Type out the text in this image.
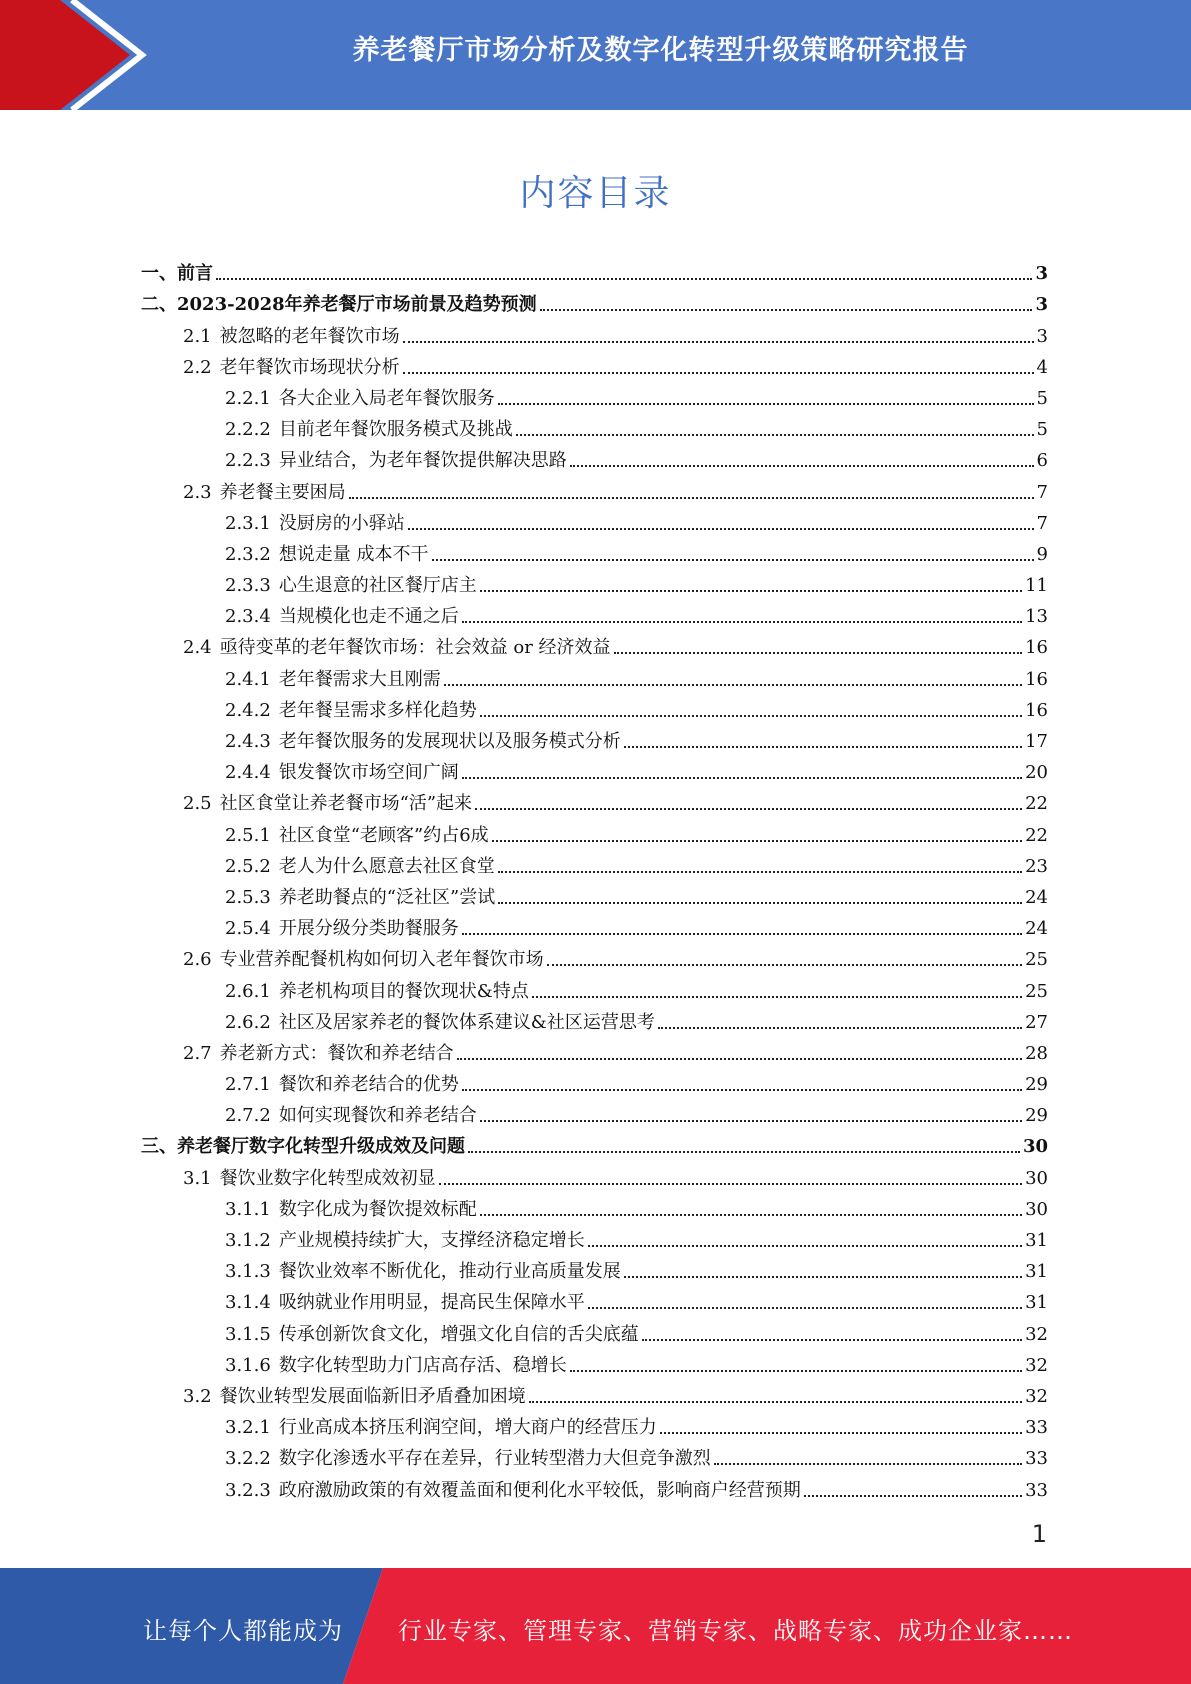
养老餐厅市场分析及数字化转型升级策略研究报告
内容目录
一、 前言	3
二、 2023-2028年养老餐厅市场前景及趋势预测	3
2.1 被忽略的老年餐饮市场	3
2.2 老年餐饮市场现状分析	4
2.2.1 各大企业入局老年餐饮服务	5
2.2.2 目前老年餐饮服务模式及挑战	5
2.2.3 异业结合，为老年餐饮提供解决思路	6
2.3 养老餐主要困局	7
2.3.1 没厨房的小驿站	7
2.3.2 想说走量 成本不干	9
2.3.3 心生退意的社区餐厅店主	11
2.3.4 当规模化也走不通之后	13
2.4 亟待变革的老年餐饮市场：社会效益 or 经济效益	16
2.4.1 老年餐需求大且刚需	16
2.4.2 老年餐呈需求多样化趋势	16
2.4.3 老年餐饮服务的发展现状以及服务模式分析	17
2.4.4 银发餐饮市场空间广阔	20
2.5 社区食堂让养老餐市场“活”起来	22
2.5.1 社区食堂“老顾客”约占6成	22
2.5.2 老人为什么愿意去社区食堂	23
2.5.3 养老助餐点的“泛社区”尝试	24
2.5.4 开展分级分类助餐服务	24
2.6 专业营养配餐机构如何切入老年餐饮市场	25
2.6.1 养老机构项目的餐饮现状&特点	25
2.6.2 社区及居家养老的餐饮体系建议&社区运营思考	27
2.7 养老新方式：餐饮和养老结合	28
2.7.1 餐饮和养老结合的优势	29
2.7.2 如何实现餐饮和养老结合	29
三、 养老餐厅数字化转型升级成效及问题	30
3.1 餐饮业数字化转型成效初显	30
3.1.1 数字化成为餐饮提效标配	30
3.1.2 产业规模持续扩大，支撑经济稳定增长	31
3.1.3 餐饮业效率不断优化，推动行业高质量发展	31
3.1.4 吸纳就业作用明显，提高民生保障水平	31
3.1.5 传承创新饮食文化，增强文化自信的舌尖底蕴	32
3.1.6 数字化转型助力门店高存活、稳增长	32
3.2 餐饮业转型发展面临新旧矛盾叠加困境	32
3.2.1 行业高成本挤压利润空间，增大商户的经营压力	33
3.2.2 数字化渗透水平存在差异，行业转型潜力大但竞争激烈	33
3.2.3 政府激励政策的有效覆盖面和便利化水平较低，影响商户经营预期	33
1
让每个人都能成为 行业专家、管理专家、营销专家、战略专家、成功企业家……
